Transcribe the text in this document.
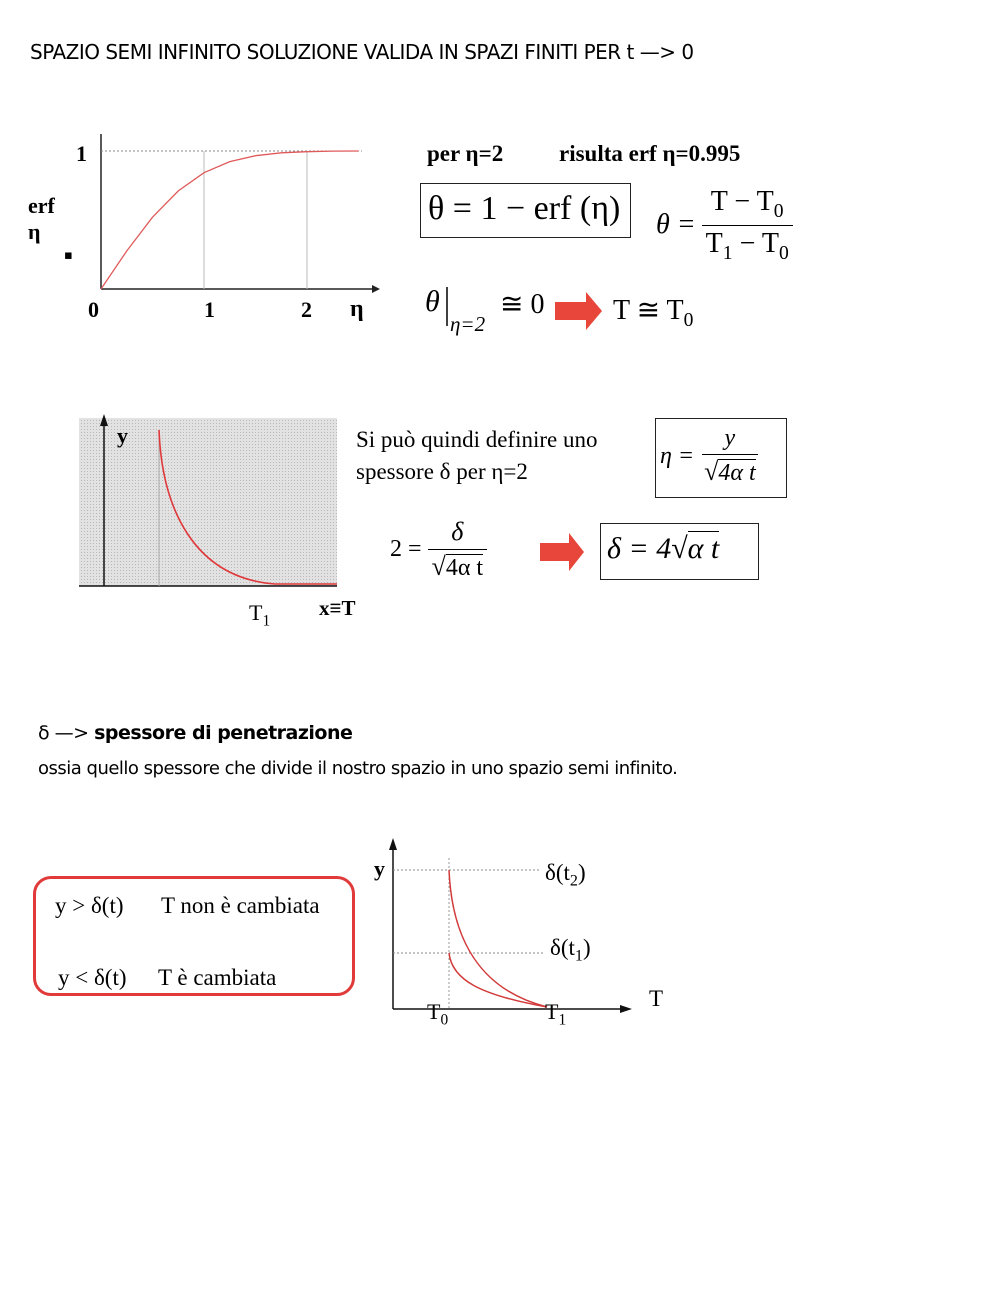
SPAZIO SEMI INFINITO SOLUZIONE VALIDA IN SPAZI FINITI PER t —> 0
1
erf η
▪
0	1	2 η
per η=2 risulta erf η=0.995
θ = 1 − erf (η) $\theta = \frac{T - T_0}{T_1 - T_0}$
θ
η=2
≅ 0 T ≅ $T_0$
y
$T_1$
x≡T
Si può quindi definire uno
spessore δ per η=2
η =
y
√4α t
$2 = \frac{\delta}{\text{√4α t}}$	δ = 4√α t
δ —> spessore di penetrazione
ossia quello spessore che divide il nostro spazio in uno spazio semi infinito.
y > δ(t) T non è cambiata
y < δ(t) T è cambiata
y
T
$T_0$	$T_1$
$\delta(t_2)$
$\delta(t_1)$
